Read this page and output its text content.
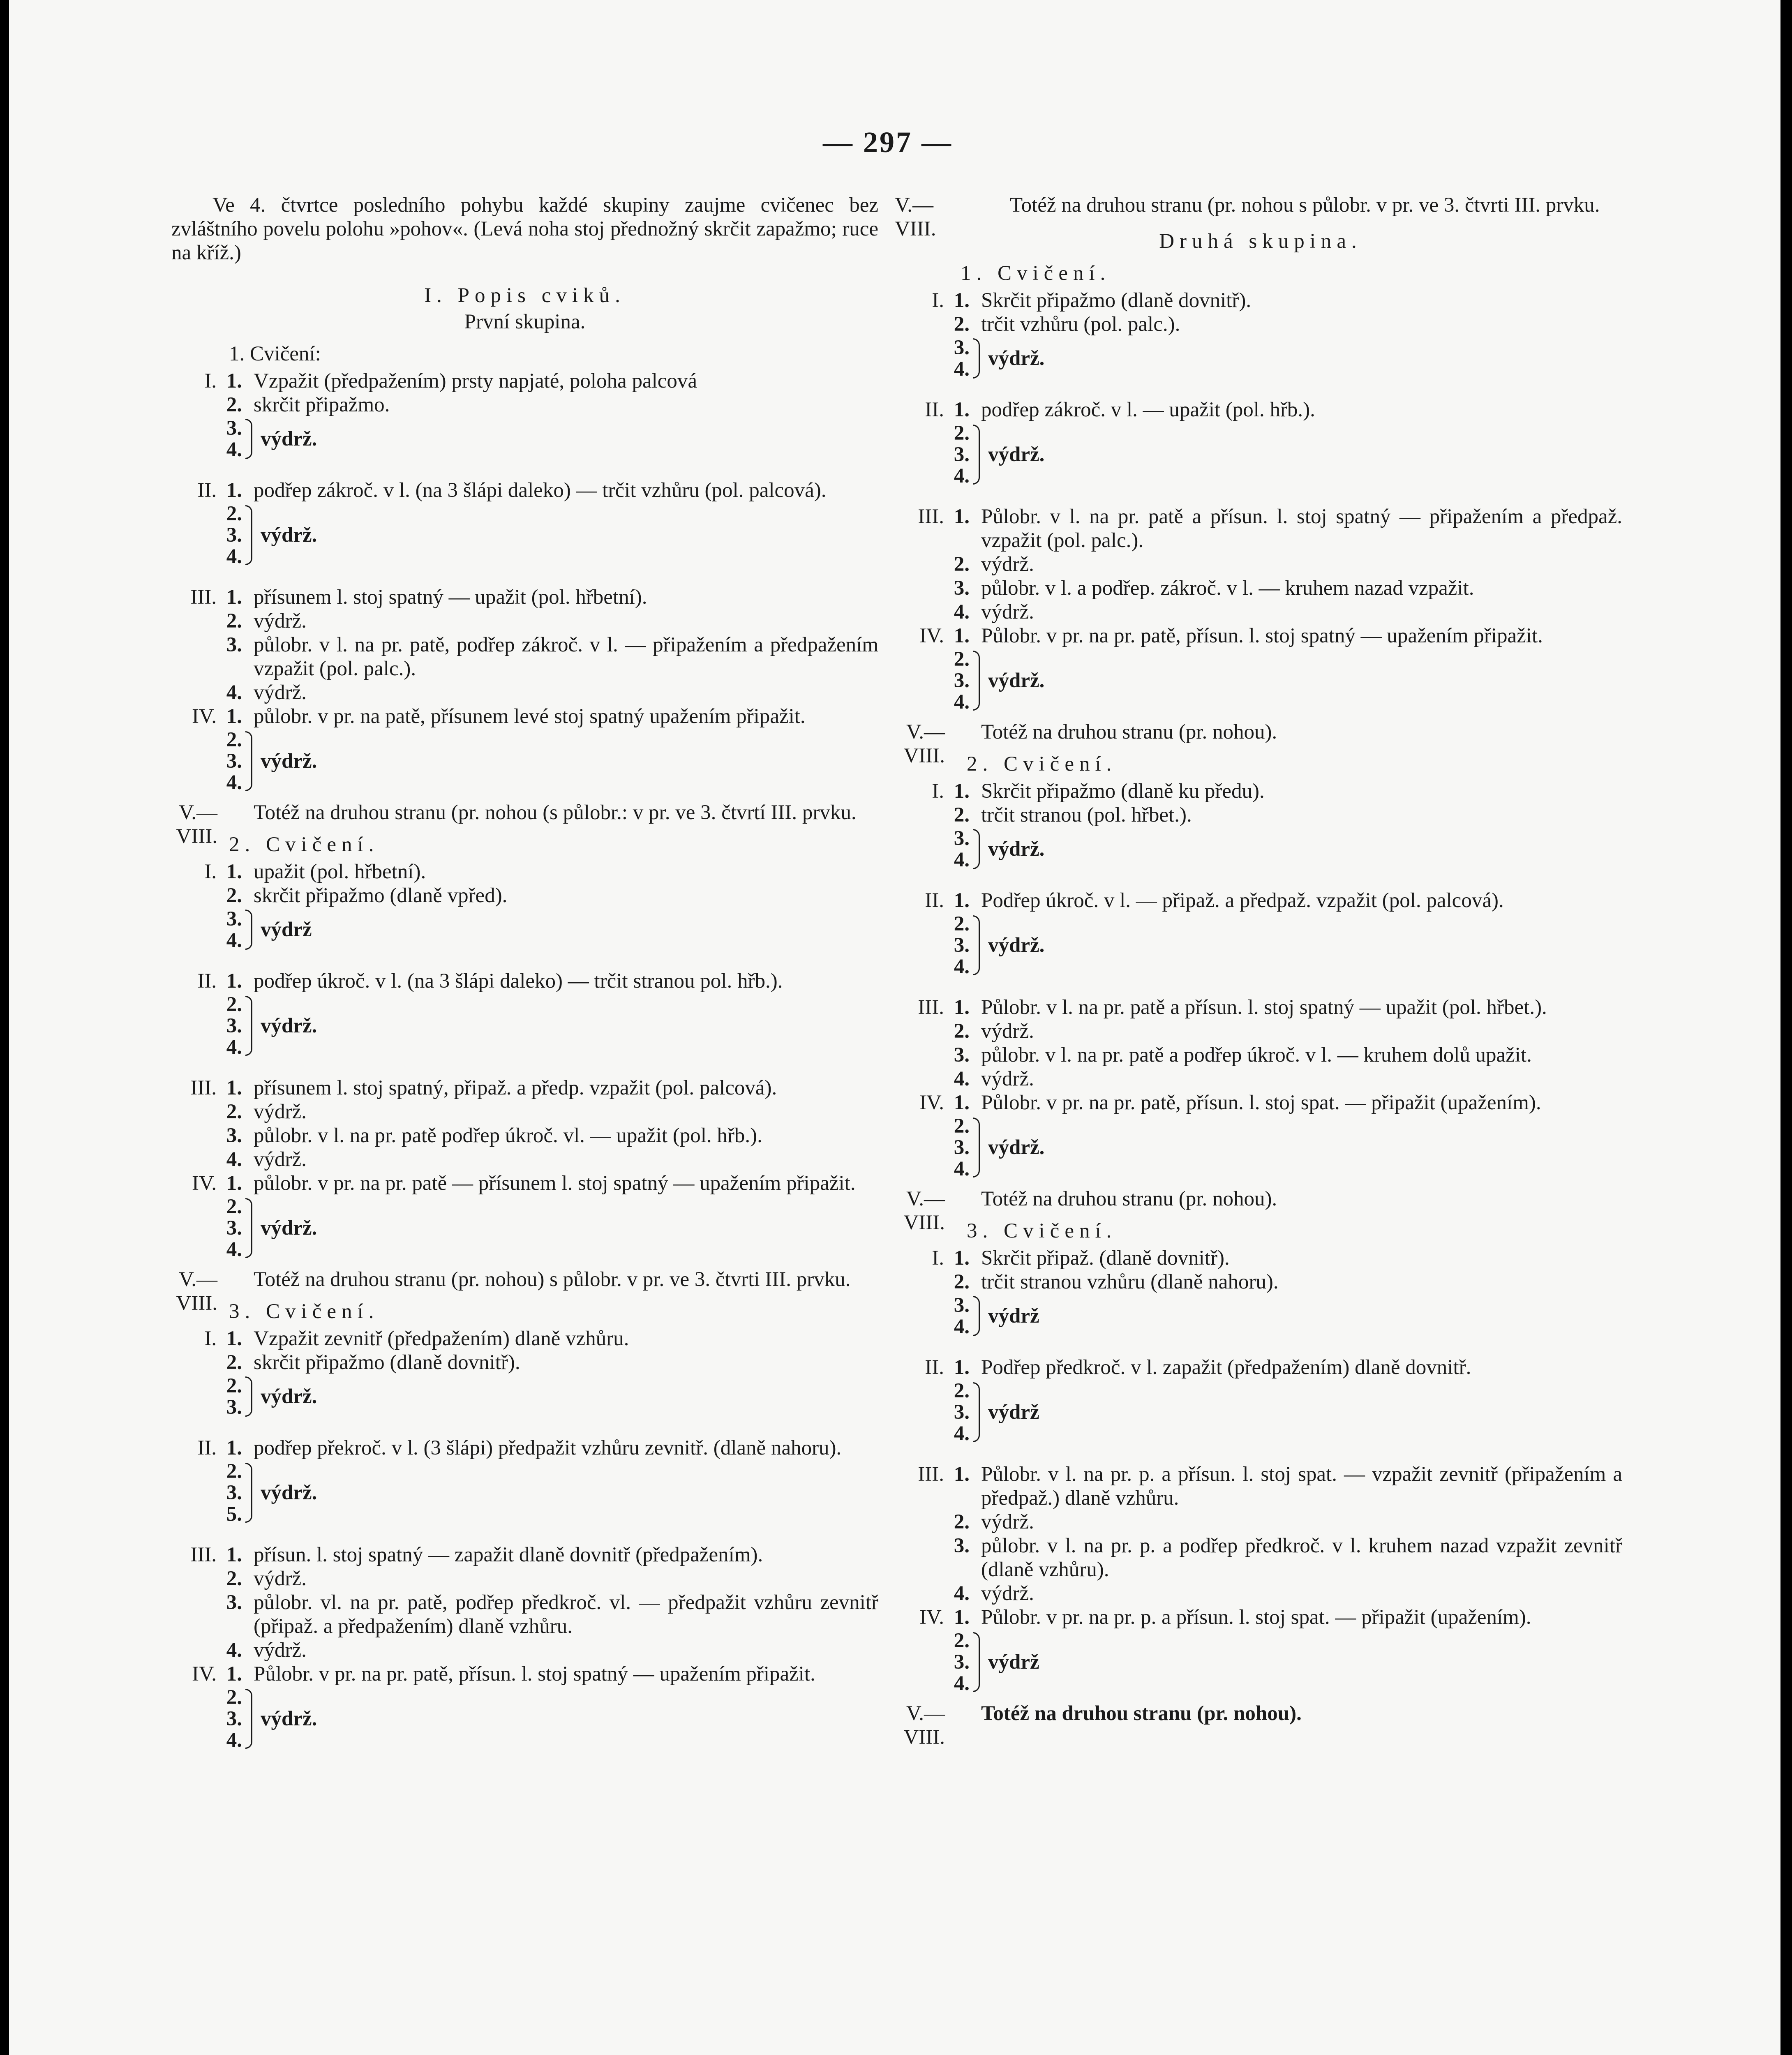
— 297 —

Ve 4. čtvrtce posledního pohybu každé skupiny zaujme cvičenec bez zvláštního povelu polohu »pohov«. (Levá noha stoj přednožný skrčit zapažmo; ruce na kříž.)

I. Popis cviků.
První skupina.
1. Cvičení:
I. 1. Vzpažit (předpažením) prsty napjaté, poloha palcová
2. skrčit připažmo.
3.
4. výdrž.
II. 1. podřep zákroč. v l. (na 3 šlápi daleko) — trčit vzhůru (pol. palcová).
2.
3.
4.
výdrž.
III. 1. přísunem l. stoj spatný — upažit (pol. hřbetní).
2. výdrž.
3. půlobr. v l. na pr. patě, podřep zákroč. v l. — připažením a předpažením vzpažit (pol. palc.).
4. výdrž.
IV. 1. půlobr. v pr. na patě, přísunem levé stoj spatný upažením připažit.
2.
3.
4.
výdrž.
V.—VIII.
Totéž na druhou stranu (pr. nohou (s půlobr.: v pr. ve 3. čtvrtí III. prvku.
2. Cvičení.
I. 1. upažit (pol. hřbetní).
2. skrčit připažmo (dlaně vpřed).
3.
4. výdrž
II. 1. podřep úkroč. v l. (na 3 šlápi daleko) — trčit stranou pol. hřb.).
2.
3.
4.
výdrž.
III. 1. přísunem l. stoj spatný, připaž. a předp. vzpažit (pol. palcová).
2. výdrž.
3. půlobr. v l. na pr. patě podřep úkroč. vl. — upažit (pol. hřb.).
4. výdrž.
IV. 1. půlobr. v pr. na pr. patě — přísunem l. stoj spatný — upažením připažit.
2.
3.
4.
výdrž.
V.—VIII.
Totéž na druhou stranu (pr. nohou) s půlobr. v pr. ve 3. čtvrti III. prvku.
3. Cvičení.
I. 1. Vzpažit zevnitř (předpažením) dlaně vzhůru.
2. skrčit připažmo (dlaně dovnitř).
2.
3. výdrž.
II. 1. podřep překroč. v l. (3 šlápi) předpažit vzhůru zevnitř. (dlaně nahoru).
2.
3.
5.
výdrž.
III. 1. přísun. l. stoj spatný — zapažit dlaně dovnitř (předpažením).
2. výdrž.
3. půlobr. vl. na pr. patě, podřep předkroč. vl. — předpažit vzhůru zevnitř (připaž. a předpažením) dlaně vzhůru.
4. výdrž.
IV. 1. Půlobr. v pr. na pr. patě, přísun. l. stoj spatný — upažením připažit.
2.
3.
4.
výdrž.
V.—VIII.
Totéž na druhou stranu (pr. nohou s půlobr. v pr. ve 3. čtvrti III. prvku.
Druhá skupina.
1. Cvičení.
I. 1. Skrčit připažmo (dlaně dovnitř).
2. trčit vzhůru (pol. palc.).
3.
4. výdrž.
II. 1. podřep zákroč. v l. — upažit (pol. hřb.).
2.
3.
4.
výdrž.
III. 1. Půlobr. v l. na pr. patě a přísun. l. stoj spatný — připažením a předpaž. vzpažit (pol. palc.).
2. výdrž.
3. půlobr. v l. a podřep. zákroč. v l. — kruhem nazad vzpažit.
4. výdrž.
IV. 1. Půlobr. v pr. na pr. patě, přísun. l. stoj spatný — upažením připažit.
2.
3.
4.
výdrž.
V.—VIII.
Totéž na druhou stranu (pr. nohou).
2. Cvičení.
I. 1. Skrčit připažmo (dlaně ku předu).
2. trčit stranou (pol. hřbet.).
3.
4. výdrž.
II. 1. Podřep úkroč. v l. — připaž. a předpaž. vzpažit (pol. palcová).
2.
3.
4.
výdrž.
III. 1. Půlobr. v l. na pr. patě a přísun. l. stoj spatný — upažit (pol. hřbet.).
2. výdrž.
3. půlobr. v l. na pr. patě a podřep úkroč. v l. — kruhem dolů upažit.
4. výdrž.
IV. 1. Půlobr. v pr. na pr. patě, přísun. l. stoj spat. — připažit (upažením).
2.
3.
4.
výdrž.
V.—VIII.
Totéž na druhou stranu (pr. nohou).
3. Cvičení.
I. 1. Skrčit připaž. (dlaně dovnitř).
2. trčit stranou vzhůru (dlaně nahoru).
3.
4. výdrž
II. 1. Podřep předkroč. v l. zapažit (předpažením) dlaně dovnitř.
2.
3.
4.
výdrž
III. 1. Půlobr. v l. na pr. p. a přísun. l. stoj spat. — vzpažit zevnitř (připažením a předpaž.) dlaně vzhůru.
2. výdrž.
3. půlobr. v l. na pr. p. a podřep předkroč. v l. kruhem nazad vzpažit zevnitř (dlaně vzhůru).
4. výdrž.
IV. 1. Půlobr. v pr. na pr. p. a přísun. l. stoj spat. — připažit (upažením).
2.
3.
4.
výdrž
V.—VIII.
Totéž na druhou stranu (pr. nohou).
